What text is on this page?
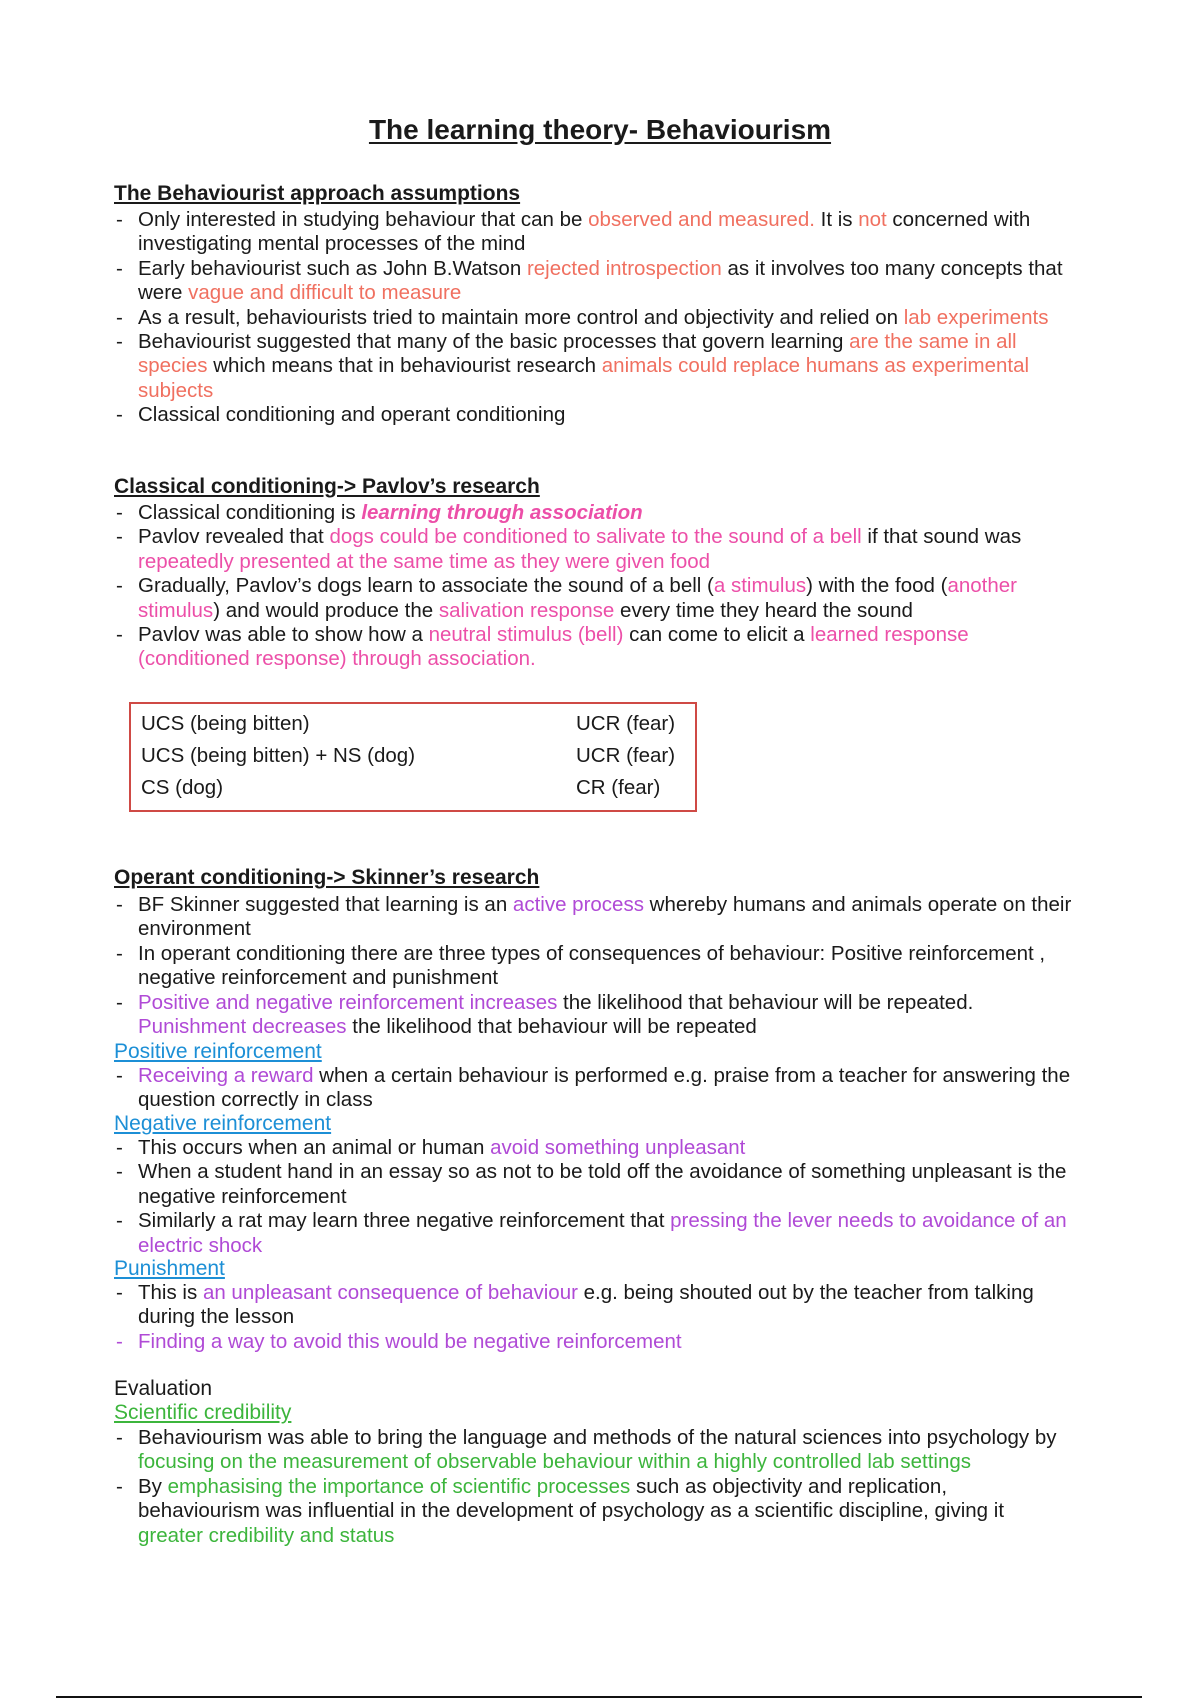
The learning theory- Behaviourism
The Behaviourist approach assumptions
- Only interested in studying behaviour that can be observed and measured. It is not concerned with investigating mental processes of the mind
- Early behaviourist such as John B.Watson rejected introspection as it involves too many concepts that were vague and difficult to measure
- As a result, behaviourists tried to maintain more control and objectivity and relied on lab experiments
- Behaviourist suggested that many of the basic processes that govern learning are the same in all species which means that in behaviourist research animals could replace humans as experimental subjects
- Classical conditioning and operant conditioning
Classical conditioning-> Pavlov’s research
- Classical conditioning is learning through association
- Pavlov revealed that dogs could be conditioned to salivate to the sound of a bell if that sound was repeatedly presented at the same time as they were given food
- Gradually, Pavlov’s dogs learn to associate the sound of a bell (a stimulus) with the food (another stimulus) and would produce the salivation response every time they heard the sound
- Pavlov was able to show how a neutral stimulus (bell) can come to elicit a learned response (conditioned response) through association.
UCS (being bitten)	UCR (fear)
UCS (being bitten) + NS (dog)	UCR (fear)
CS (dog)	CR (fear)
Operant conditioning-> Skinner’s research
- BF Skinner suggested that learning is an active process whereby humans and animals operate on their environment
- In operant conditioning there are three types of consequences of behaviour: Positive reinforcement , negative reinforcement and punishment
- Positive and negative reinforcement increases the likelihood that behaviour will be repeated. Punishment decreases the likelihood that behaviour will be repeated
Positive reinforcement
- Receiving a reward when a certain behaviour is performed e.g. praise from a teacher for answering the question correctly in class
Negative reinforcement
- This occurs when an animal or human avoid something unpleasant
- When a student hand in an essay so as not to be told off the avoidance of something unpleasant is the negative reinforcement
- Similarly a rat may learn three negative reinforcement that pressing the lever needs to avoidance of an electric shock
Punishment
- This is an unpleasant consequence of behaviour e.g. being shouted out by the teacher from talking during the lesson
- Finding a way to avoid this would be negative reinforcement
Evaluation
Scientific credibility
- Behaviourism was able to bring the language and methods of the natural sciences into psychology by focusing on the measurement of observable behaviour within a highly controlled lab settings
- By emphasising the importance of scientific processes such as objectivity and replication, behaviourism was influential in the development of psychology as a scientific discipline, giving it greater credibility and status
